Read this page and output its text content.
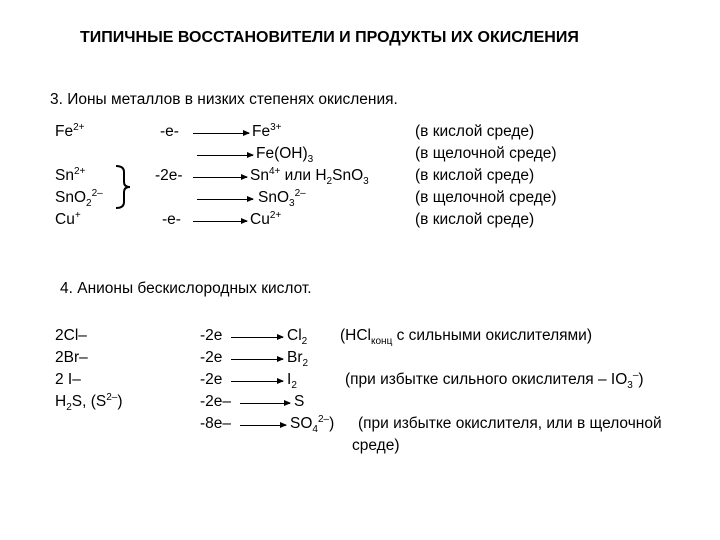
ТИПИЧНЫЕ ВОССТАНОВИТЕЛИ И ПРОДУКТЫ ИХ ОКИСЛЕНИЯ
3. Ионы металлов в низких степенях окисления.
$Fe^{2+}$
$Sn^{2+}$
SnO$_2^{2-}$
Cu+
-е-
-2е-
-е-
$Fe^{3+}$
$Fe(OH)_3$
$Sn^{4+}$ или $H_2SnO_3$
SnO$_3^{2-}$
$Cu^{2+}$
(в кислой среде)
(в щелочной среде)
(в кислой среде)
(в щелочной среде)
(в кислой среде)
4. Анионы бескислородных кислот.
2Cl–
2Br–
2 I–
$H_2S$, $(S^{2-})$
-2e
-2e
-2e
-2e–
-8e–
$Cl_2$
$Br_2$
$I_2$
S
$SO_4^{2-}$)
(HCl$_{конц}$ с сильными окислителями)
(при избытке сильного окислителя – $IO_3^-$)
(при избытке окислителя, или в щелочной
среде)
